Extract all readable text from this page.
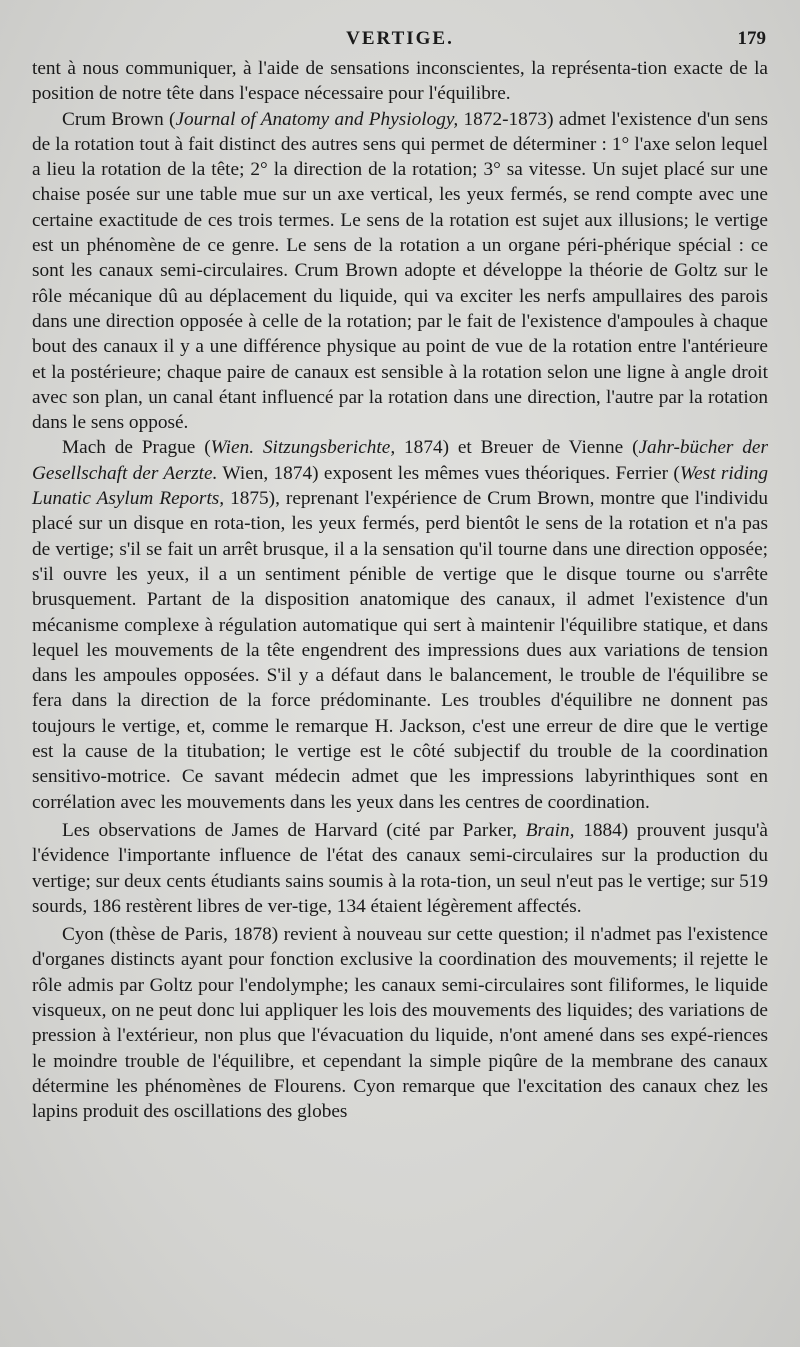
VERTIGE.	179

tent à nous communiquer, à l'aide de sensations inconscientes, la représenta-tion exacte de la position de notre tête dans l'espace nécessaire pour l'équilibre.

Crum Brown (Journal of Anatomy and Physiology, 1872-1873) admet l'existence d'un sens de la rotation tout à fait distinct des autres sens qui permet de déterminer : 1° l'axe selon lequel a lieu la rotation de la tête; 2° la direction de la rotation; 3° sa vitesse. Un sujet placé sur une chaise posée sur une table mue sur un axe vertical, les yeux fermés, se rend compte avec une certaine exactitude de ces trois termes. Le sens de la rotation est sujet aux illusions; le vertige est un phénomène de ce genre. Le sens de la rotation a un organe péri-phérique spécial : ce sont les canaux semi-circulaires. Crum Brown adopte et développe la théorie de Goltz sur le rôle mécanique dû au déplacement du liquide, qui va exciter les nerfs ampullaires des parois dans une direction opposée à celle de la rotation; par le fait de l'existence d'ampoules à chaque bout des canaux il y a une différence physique au point de vue de la rotation entre l'antérieure et la postérieure; chaque paire de canaux est sensible à la rotation selon une ligne à angle droit avec son plan, un canal étant influencé par la rotation dans une direction, l'autre par la rotation dans le sens opposé.

Mach de Prague (Wien. Sitzungsberichte, 1874) et Breuer de Vienne (Jahr-bücher der Gesellschaft der Aerzte. Wien, 1874) exposent les mêmes vues théoriques. Ferrier (West riding Lunatic Asylum Reports, 1875), reprenant l'expérience de Crum Brown, montre que l'individu placé sur un disque en rota-tion, les yeux fermés, perd bientôt le sens de la rotation et n'a pas de vertige; s'il se fait un arrêt brusque, il a la sensation qu'il tourne dans une direction opposée; s'il ouvre les yeux, il a un sentiment pénible de vertige que le disque tourne ou s'arrête brusquement. Partant de la disposition anatomique des canaux, il admet l'existence d'un mécanisme complexe à régulation automatique qui sert à maintenir l'équilibre statique, et dans lequel les mouvements de la tête engendrent des impressions dues aux variations de tension dans les ampoules opposées. S'il y a défaut dans le balancement, le trouble de l'équilibre se fera dans la direction de la force prédominante. Les troubles d'équilibre ne donnent pas toujours le vertige, et, comme le remarque H. Jackson, c'est une erreur de dire que le vertige est la cause de la titubation; le vertige est le côté subjectif du trouble de la coordination sensitivo-motrice. Ce savant médecin admet que les impressions labyrinthiques sont en corrélation avec les mouvements dans les yeux dans les centres de coordination.

Les observations de James de Harvard (cité par Parker, Brain, 1884) prouvent jusqu'à l'évidence l'importante influence de l'état des canaux semi-circulaires sur la production du vertige; sur deux cents étudiants sains soumis à la rota-tion, un seul n'eut pas le vertige; sur 519 sourds, 186 restèrent libres de ver-tige, 134 étaient légèrement affectés.

Cyon (thèse de Paris, 1878) revient à nouveau sur cette question; il n'admet pas l'existence d'organes distincts ayant pour fonction exclusive la coordination des mouvements; il rejette le rôle admis par Goltz pour l'endolymphe; les canaux semi-circulaires sont filiformes, le liquide visqueux, on ne peut donc lui appliquer les lois des mouvements des liquides; des variations de pression à l'extérieur, non plus que l'évacuation du liquide, n'ont amené dans ses expé-riences le moindre trouble de l'équilibre, et cependant la simple piqûre de la membrane des canaux détermine les phénomènes de Flourens. Cyon remarque que l'excitation des canaux chez les lapins produit des oscillations des globes
